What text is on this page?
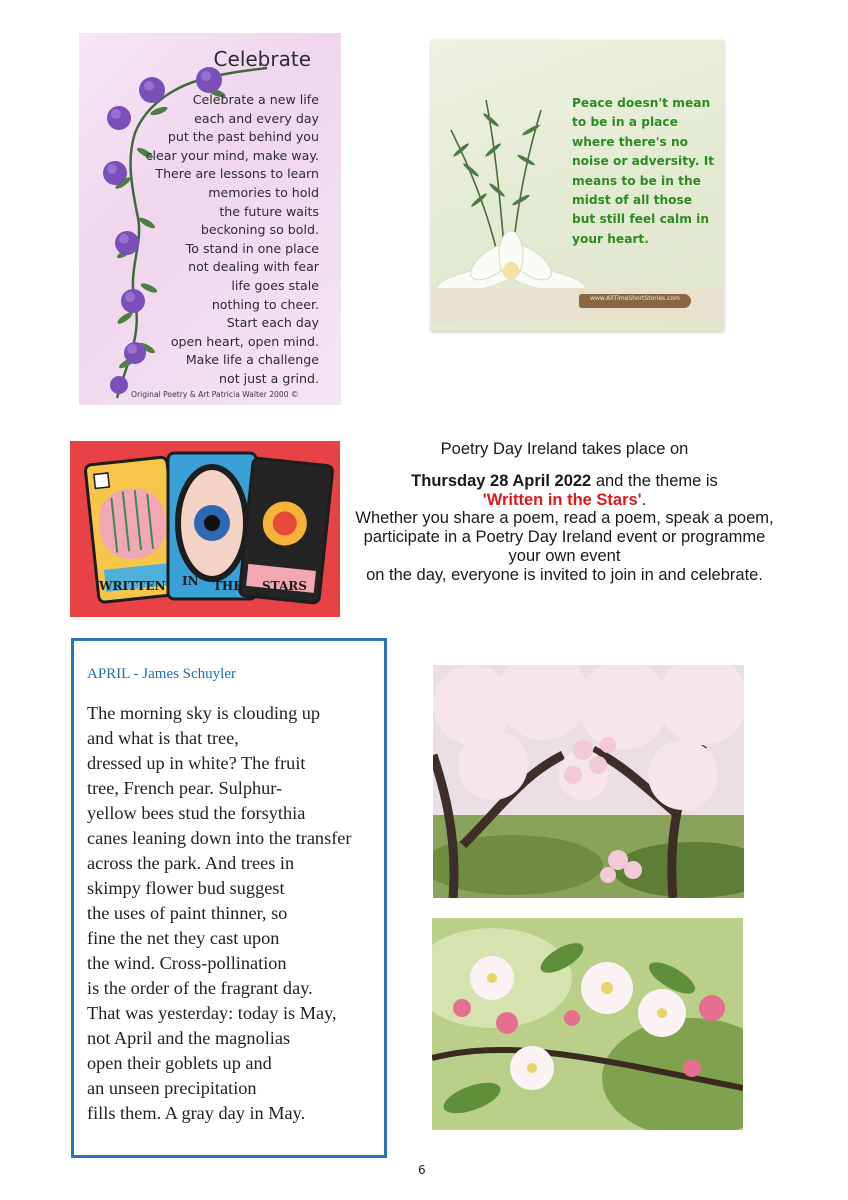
Celebrate
Celebrate a new life
each and every day
put the past behind you
clear your mind, make way.
There are lessons to learn
memories to hold
the future waits
beckoning so bold.
To stand in one place
not dealing with fear
life goes stale
nothing to cheer.
Start each day
open heart, open mind.
Make life a challenge
not just a grind.
Original Poetry & Art Patricia Walter 2000 ©
Peace doesn't mean to be in a place where there's no noise or adversity. It means to be in the midst of all those but still feel calm in your heart.
www.AllTimeShortStories.com
WRITTEN IN THE STARS

Poetry Day Ireland takes place on

Thursday 28 April 2022 and the theme is

'Written in the Stars'.

Whether you share a poem, read a poem, speak a poem, participate in a Poetry Day Ireland event or programme your own event

on the day, everyone is invited to join in and celebrate.

APRIL - James Schuyler
The morning sky is clouding up
and what is that tree,
dressed up in white? The fruit
tree, French pear. Sulphur-
yellow bees stud the forsythia
canes leaning down into the transfer
across the park. And trees in
skimpy flower bud suggest
the uses of paint thinner, so
fine the net they cast upon
the wind. Cross-pollination
is the order of the fragrant day.
That was yesterday: today is May,
not April and the magnolias
open their goblets up and
an unseen precipitation
fills them. A gray day in May.
6
